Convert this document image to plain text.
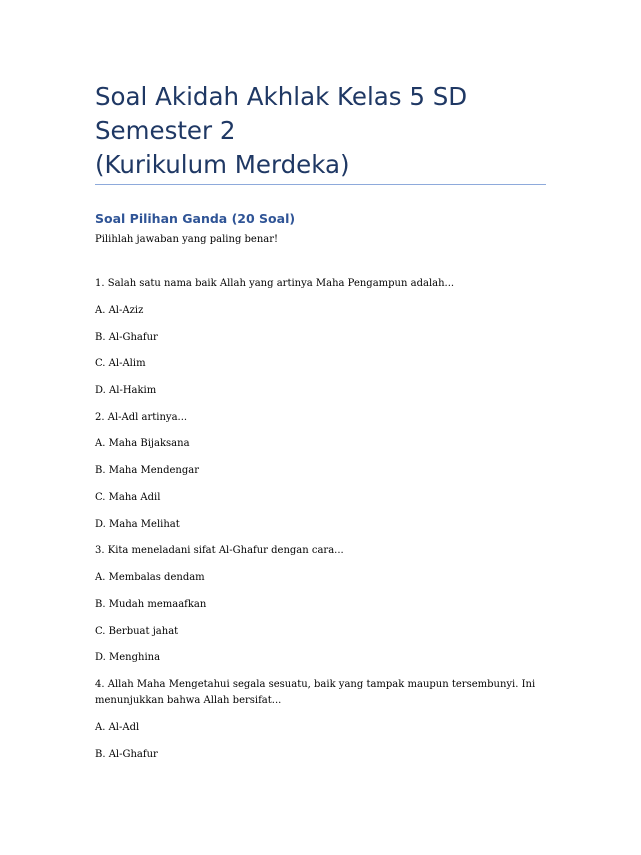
Soal Akidah Akhlak Kelas 5 SD Semester 2
(Kurikulum Merdeka)
Soal Pilihan Ganda (20 Soal)
Pilihlah jawaban yang paling benar!
1. Salah satu nama baik Allah yang artinya Maha Pengampun adalah...
A. Al-Aziz
B. Al-Ghafur
C. Al-Alim
D. Al-Hakim
2. Al-Adl artinya...
A. Maha Bijaksana
B. Maha Mendengar
C. Maha Adil
D. Maha Melihat
3. Kita meneladani sifat Al-Ghafur dengan cara...
A. Membalas dendam
B. Mudah memaafkan
C. Berbuat jahat
D. Menghina
4. Allah Maha Mengetahui segala sesuatu, baik yang tampak maupun tersembunyi. Ini
menunjukkan bahwa Allah bersifat...
A. Al-Adl
B. Al-Ghafur
